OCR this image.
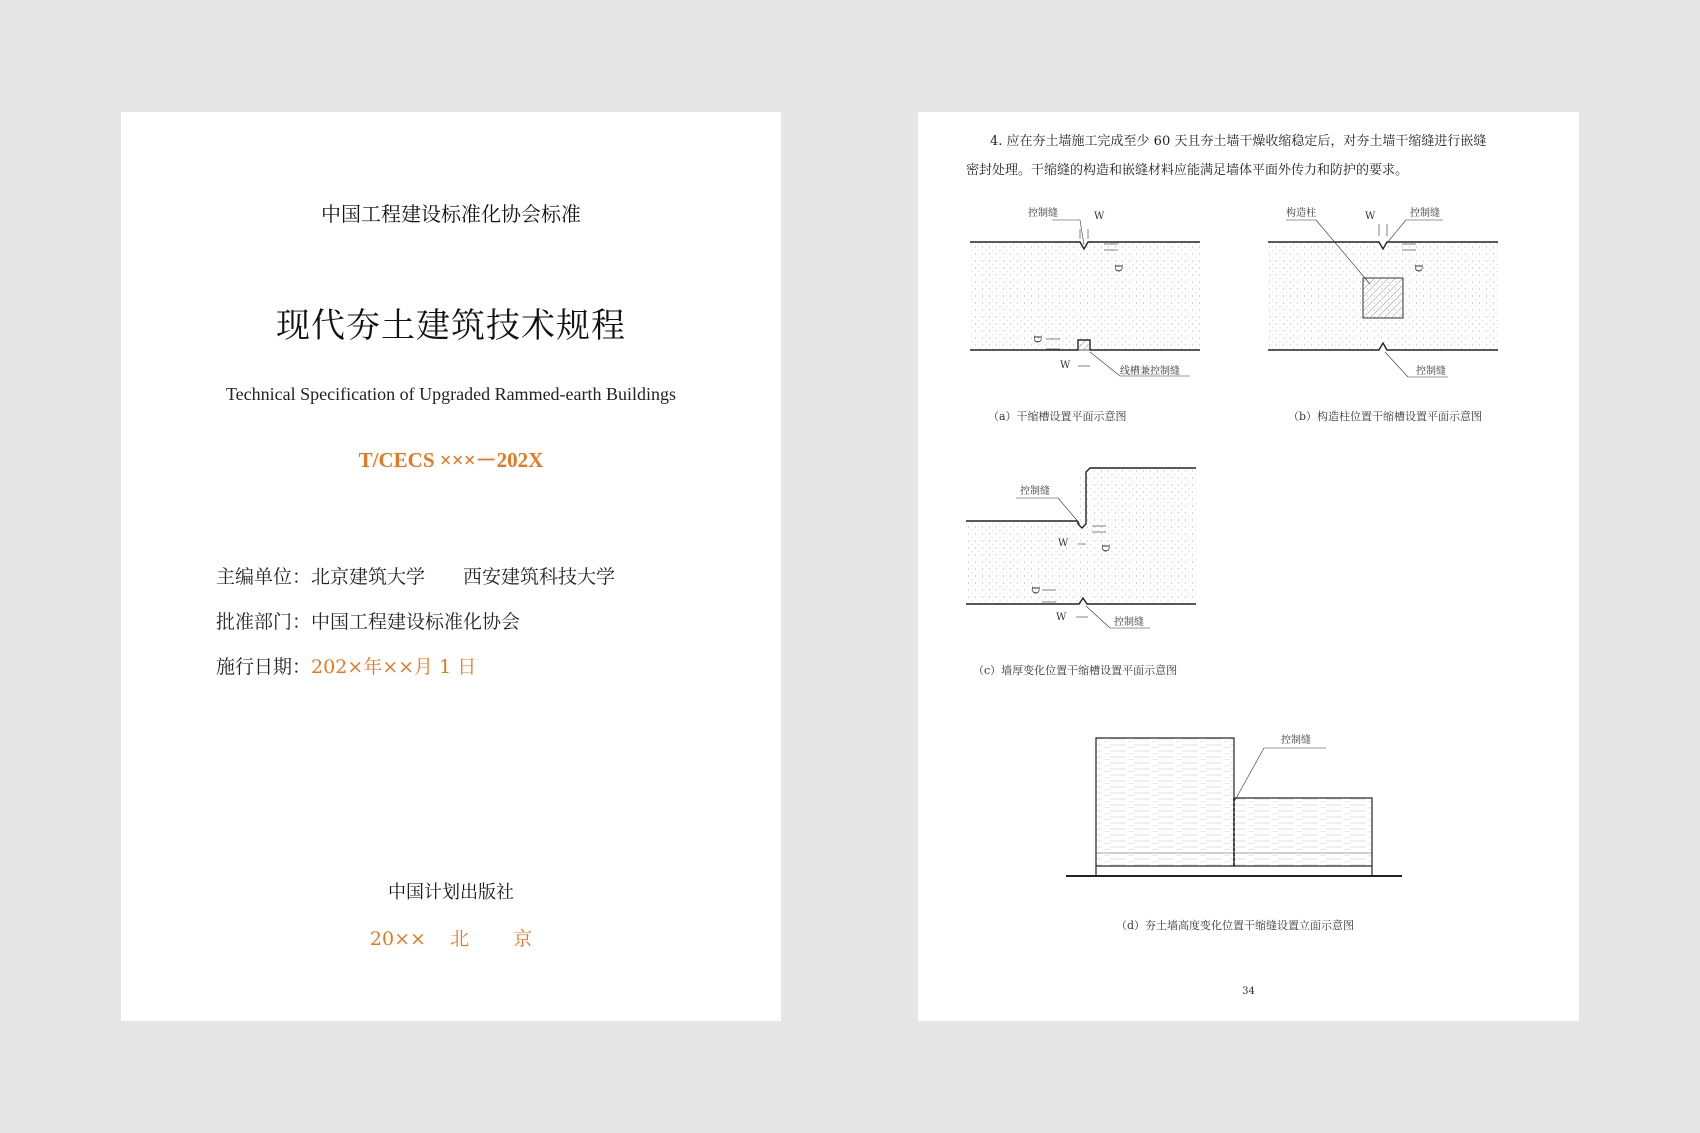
中国工程建设标准化协会标准
现代夯土建筑技术规程
Technical Specification of Upgraded Rammed-earth Buildings
T/CECS ×××－202X
主编单位：北京建筑大学　　西安建筑科技大学
批准部门：中国工程建设标准化协会
施行日期：202×年××月 1 日
中国计划出版社
20×× 北 京

4. 应在夯土墙施工完成至少 60 天且夯土墙干燥收缩稳定后，对夯土墙干缩缝进行嵌缝

密封处理。干缩缝的构造和嵌缝材料应能满足墙体平面外传力和防护的要求。

控制缝	W
D
D
W
线槽兼控制缝
（a）干缩槽设置平面示意图
构造柱	W	控制缝
D
控制缝
（b）构造柱位置干缩槽设置平面示意图
控制缝
W	D
D
W	控制缝
（c）墙厚变化位置干缩槽设置平面示意图
控制缝
（d）夯土墙高度变化位置干缩缝设置立面示意图
34
